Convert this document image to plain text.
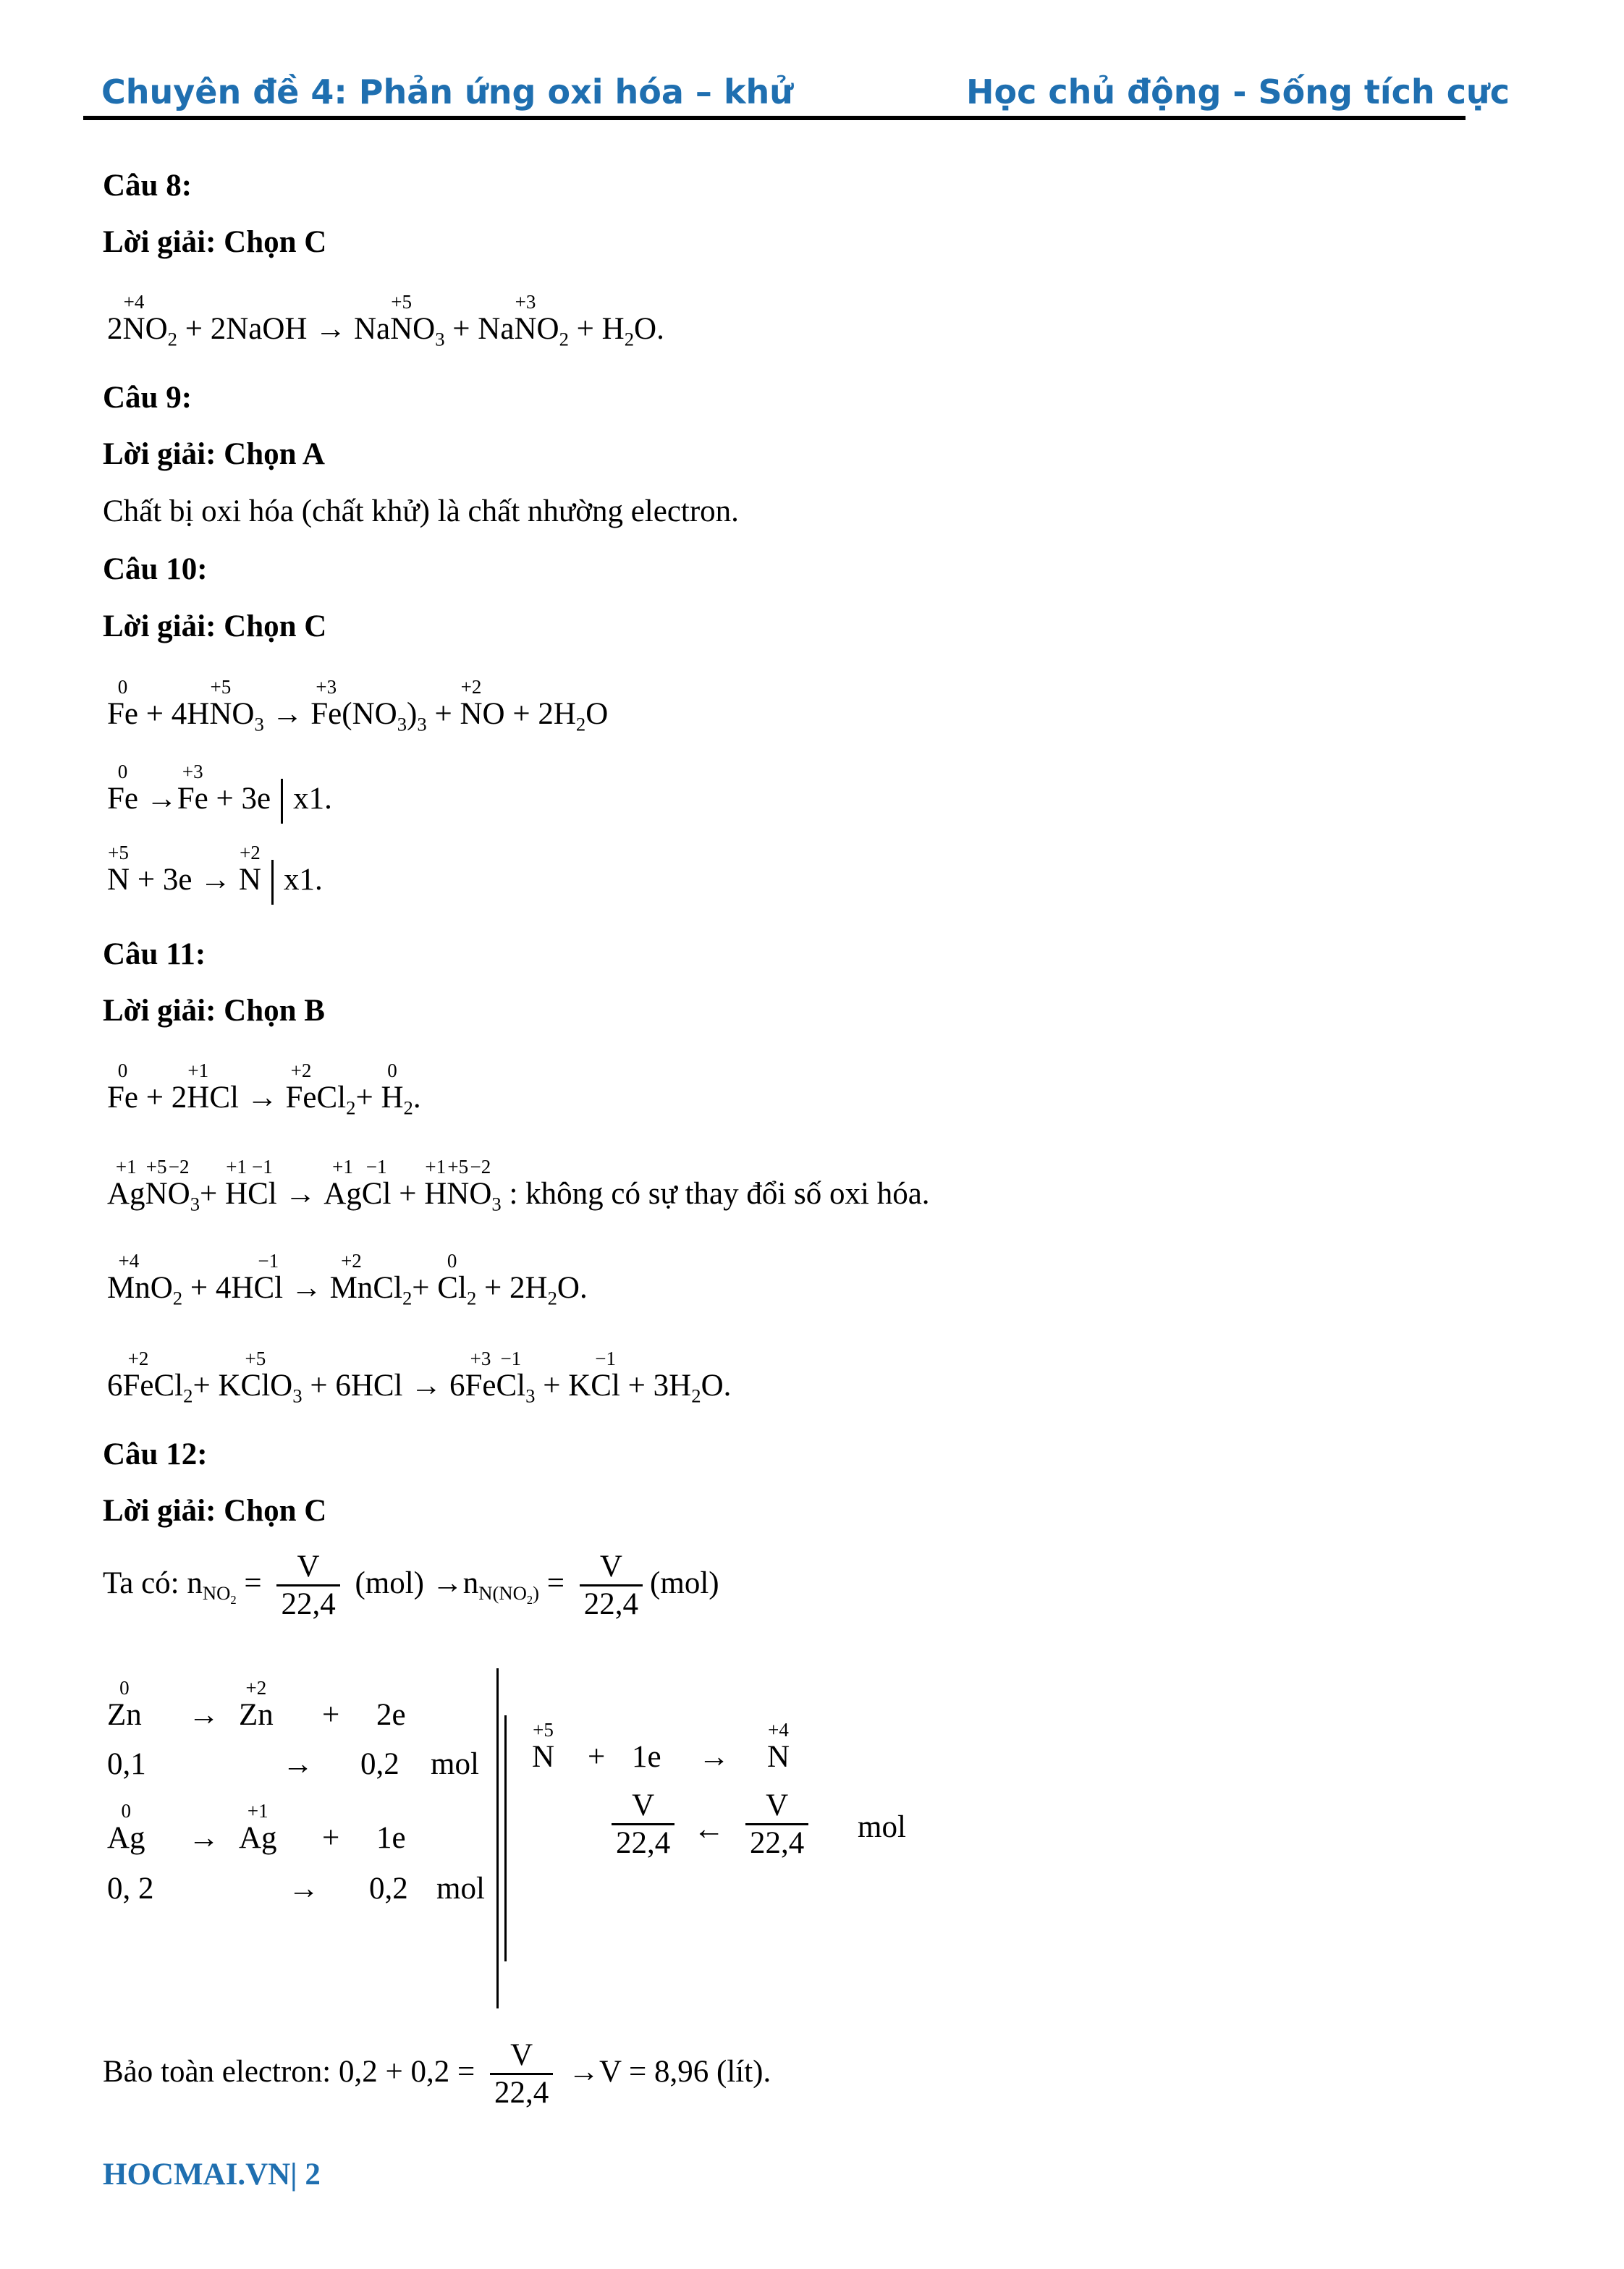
Chuyên đề 4: Phản ứng oxi hóa – khử	Học chủ động - Sống tích cực
Câu 8:
Lời giải: Chọn C
2N
+4
$O_2$ + 2NaOH → NaN
+5
$O_3$ + NaN
+3
$O_2 + H_2O$.
Câu 9:
Lời giải: Chọn A
Chất bị oxi hóa (chất khử) là chất nhường electron.
Câu 10:
Lời giải: Chọn C
Fe
0
+ 4HN
+5
$O_3 \to Fe$
+3
$(NO_3)_3 + N$
+2
$O + 2H_2O$
Fe
0
→Fe
+3
+ 3e x1.
N
+5
+ 3e → N
+2
x1.
Câu 11:
Lời giải: Chọn B
Fe
0
+ 2H
+1
Cl → Fe
+2
$Cl_2+ H$
0
$_2$.
Ag
+1
N
+5
O
−2
$_3$+ H
+1
Cl
−1
→ Ag
+1
Cl
−1
+ H
+1
N
+5
O
−2
$_3$ : không có sự thay đổi số oxi hóa.
Mn
+4
$O_2 + 4HCl$
−1
→ Mn
+2
$Cl_2+ Cl$
0
$_2 + 2H_2O$.
6Fe
+2
$Cl_2+$ KCl
+5
$O_3 + 6HCl \to 6Fe$
+3
Cl
−1
$_3$ + KCl
−1
+ $3H_2O$.
Câu 12:
Lời giải: Chọn C
Ta có: $n_{NO_2} = \frac{V}{22,4} (mol) \to n_{N(NO_2)} = \frac{V}{22,4} (mol)$
Zn
0
→ Zn
+2
+ 2e
0,1	→ 0,2 mol
Ag
0
→ Ag
+1
+ 1e
0, 2	→ 0,2 mol
N
+5
+ 1e → N
+4
$\frac{V}{22,4}$ ← $\frac{V}{22,4}$ mol
Bảo toàn electron: $0,2 + 0,2 = \frac{V}{22,4} \to V = 8,96$ (lít).
HOCMAI.VN| 2
